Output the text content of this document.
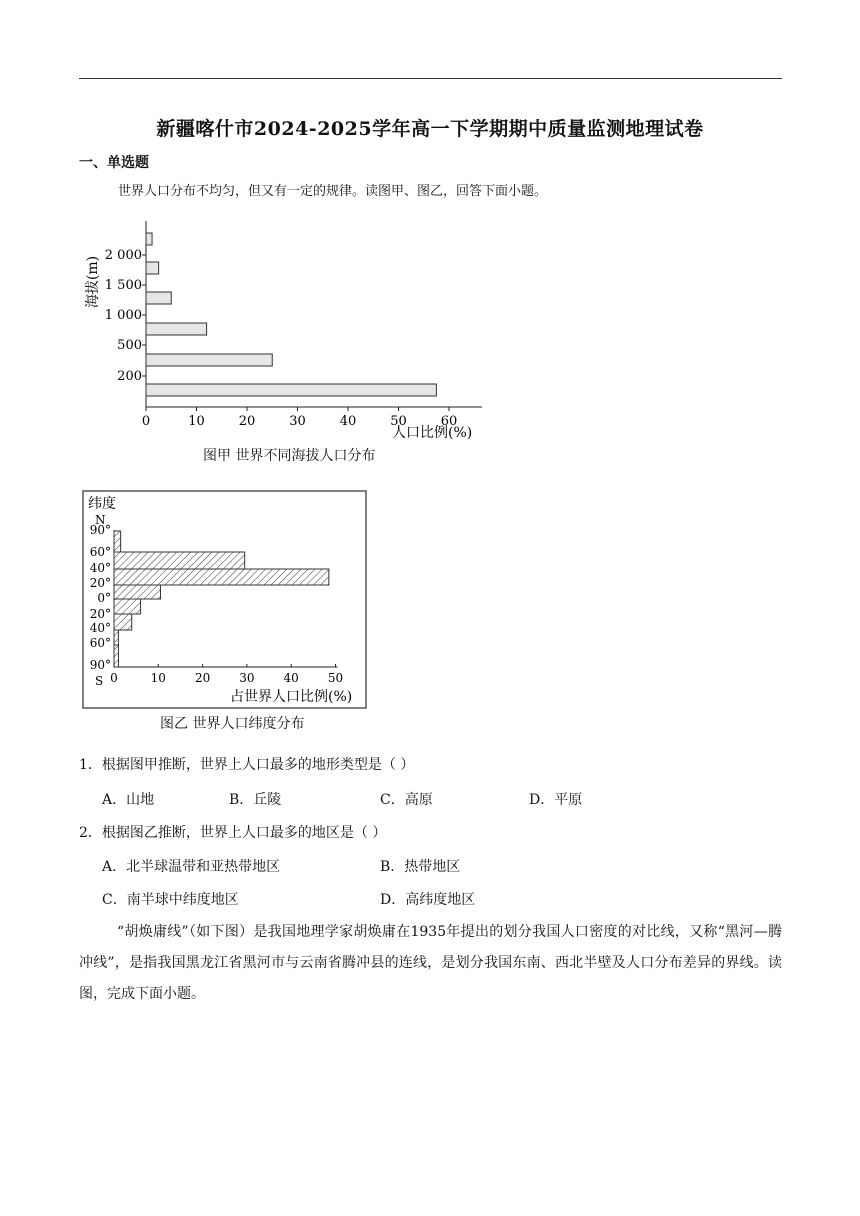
新疆喀什市2024-2025学年高一下学期期中质量监测地理试卷
一、单选题
世界人口分布不均匀，但又有一定的规律。读图甲、图乙，回答下面小题。
2 000
1 500
1 000
500
200
0	10	20	30	40	50	60
海拔(m)
人口比例(%)
图甲 世界不同海拔人口分布
90°
60°
40°
20°
0°
20°
40°
60°
90°
0	10 20 30 40 50
纬度
N
S
占世界人口比例(%)
图乙 世界人口纬度分布
1．根据图甲推断，世界上人口最多的地形类型是（ ）
A．山地	B．丘陵	C．高原	D．平原
2．根据图乙推断，世界上人口最多的地区是（ ）
A．北半球温带和亚热带地区	B．热带地区
C．南半球中纬度地区	D．高纬度地区
“胡焕庸线”（如下图）是我国地理学家胡焕庸在1935年提出的划分我国人口密度的对比线，又称“黑河—腾冲线”，是指我国黑龙江省黑河市与云南省腾冲县的连线，是划分我国东南、西北半壁及人口分布差异的界线。读图，完成下面小题。
